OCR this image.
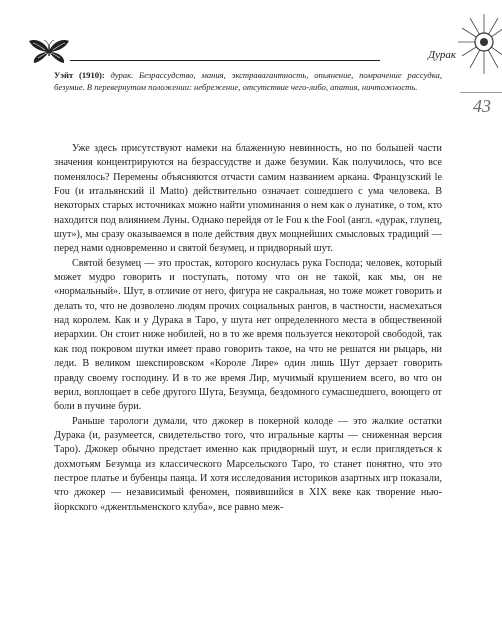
Дурак
43
Уэйт (1910): дурак. Безрассудство, мания, экстравагантность, опьянение, помрачение рассудка, безумие. В перевернутом положении: небрежение, отсутствие чего-либо, апатия, ничтожность.

Уже здесь присутствуют намеки на блаженную невинность, но по большей части значения концентрируются на безрассудстве и даже безумии. Как получилось, что все поменялось? Перемены объясняются отчасти самим названием аркана. Французский le Fou (и итальянский il Matto) действительно означает сошедшего с ума человека. В некоторых старых источниках можно найти упоминания о нем как о лунатике, о том, кто находится под влиянием Луны. Однако перейдя от le Fou к the Fool (англ. «дурак, глупец, шут»), мы сразу оказываемся в поле действия двух мощнейших смысловых традиций — перед нами одновременно и святой безумец, и придворный шут.

Святой безумец — это простак, которого коснулась рука Господа; человек, который может мудро говорить и поступать, потому что он не такой, как мы, он не «нормальный». Шут, в отличие от него, фигура не сакральная, но тоже может говорить и делать то, что не дозволено людям прочих социальных рангов, в частности, насмехаться над королем. Как и у Дурака в Таро, у шута нет определенного места в общественной иерархии. Он стоит ниже нобилей, но в то же время пользуется некоторой свободой, так как под покровом шутки имеет право говорить такое, на что не решатся ни рыцарь, ни леди. В великом шекспировском «Короле Лире» один лишь Шут дерзает говорить правду своему господину. И в то же время Лир, мучимый крушением всего, во что он верил, воплощает в себе другого Шута, Безумца, бездомного сумасшедшего, воющего от боли в пучине бури.

Раньше тарологи думали, что джокер в покерной колоде — это жалкие остатки Дурака (и, разумеется, свидетельство того, что игральные карты — сниженная версия Таро). Джокер обычно предстает именно как придворный шут, и если приглядеться к дохмотьям Безумца из классического Марсельского Таро, то станет понятно, что это пестрое платье и бубенцы паяца. И хотя исследования историков азартных игр показали, что джокер — независимый феномен, появившийся в XIX веке как творение нью-йоркского «джентльменского клуба», все равно меж-
